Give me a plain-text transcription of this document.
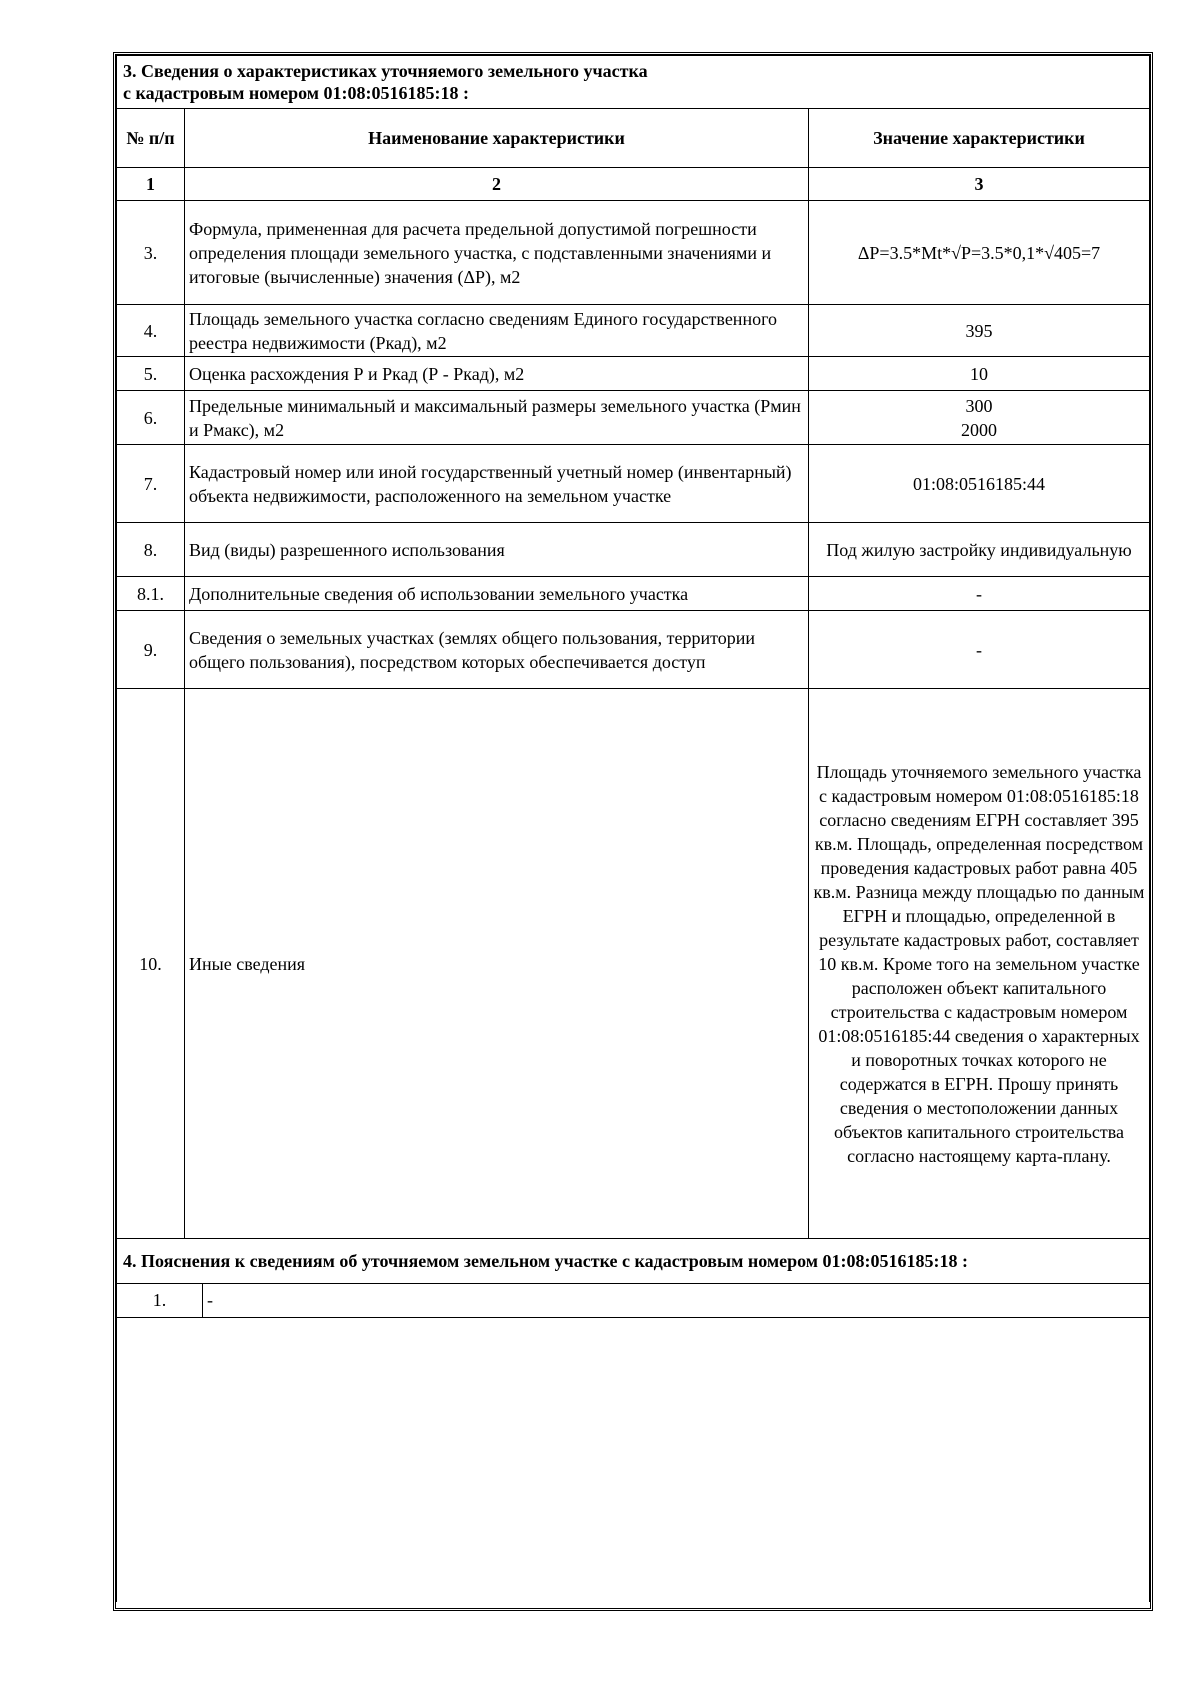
3. Сведения о характеристиках уточняемого земельного участка
с кадастровым номером 01:08:0516185:18 :		

№ п/п	Наименование характеристики	Значение характеристики
1	2	3
3.	Формула, примененная для расчета предельной допустимой погрешности определения площади земельного участка, с подставленными значениями и итоговые (вычисленные) значения (ΔP), м2	ΔP=3.5*Mt*√P=3.5*0,1*√405=7
4.	Площадь земельного участка согласно сведениям Единого государственного реестра недвижимости (Ркад), м2	395
5.	Оценка расхождения Р и Ркад (Р - Ркад), м2	10
6.	Предельные минимальный и максимальный размеры земельного участка (Рмин и Рмакс), м2	300
2000
7.	Кадастровый номер или иной государственный учетный номер (инвентарный) объекта недвижимости, расположенного на земельном участке	01:08:0516185:44
8.	Вид (виды) разрешенного использования	Под жилую застройку индивидуальную
8.1.	Дополнительные сведения об использовании земельного участка	-
9.	Сведения о земельных участках (землях общего пользования, территории общего пользования), посредством которых обеспечивается доступ	-
10.	Иные сведения	Площадь уточняемого земельного участка с кадастровым номером 01:08:0516185:18 согласно сведениям ЕГРН составляет 395 кв.м. Площадь, определенная посредством проведения кадастровых работ равна 405 кв.м. Разница между площадью по данным ЕГРН и площадью, определенной в результате кадастровых работ, составляет 10 кв.м. Кроме того на земельном участке расположен объект капитального строительства с кадастровым номером 01:08:0516185:44 сведения о характерных и поворотных точках которого не содержатся в ЕГРН. Прошу принять сведения о местоположении данных объектов капитального строительства согласно настоящему карта-плану.
4. Пояснения к сведениям об уточняемом земельном участке с кадастровым номером 01:08:0516185:18 :
1.	-
